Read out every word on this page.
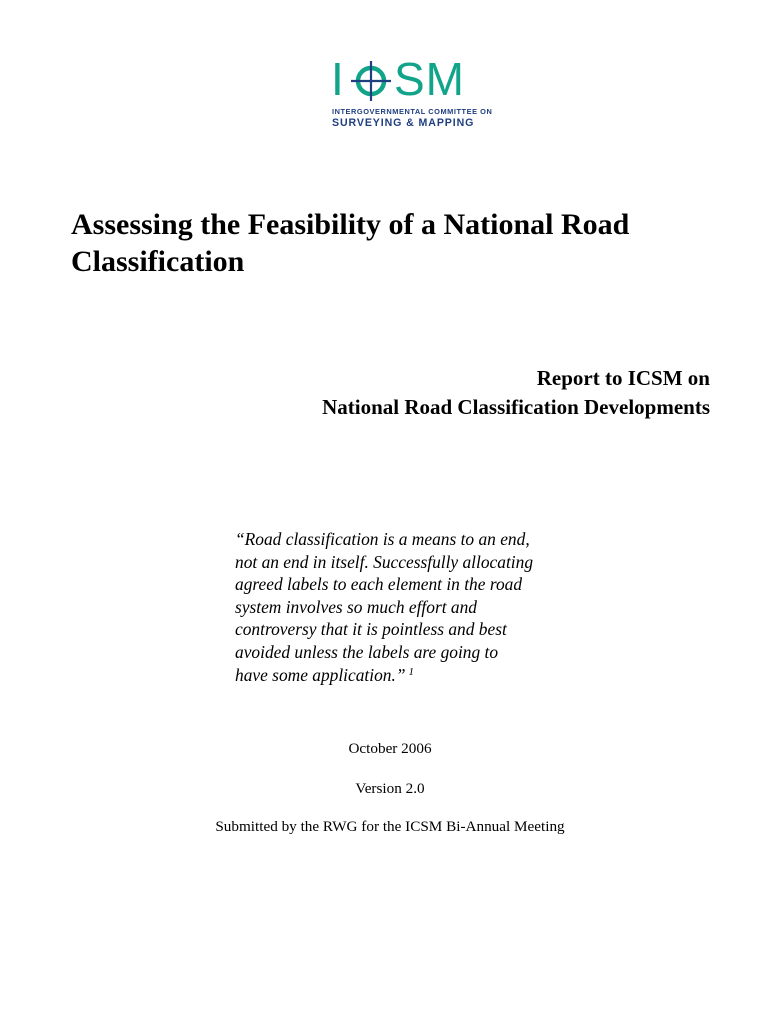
I SM
INTERGOVERNMENTAL COMMITTEE ON
SURVEYING & MAPPING
Assessing the Feasibility of a National Road Classification
Report to ICSM on
National Road Classification Developments
“Road classification is a means to an end,
not an end in itself. Successfully allocating
agreed labels to each element in the road
system involves so much effort and
controversy that it is pointless and best
avoided unless the labels are going to
have some application.” $^1$
October 2006
Version 2.0
Submitted by the RWG for the ICSM Bi-Annual Meeting
